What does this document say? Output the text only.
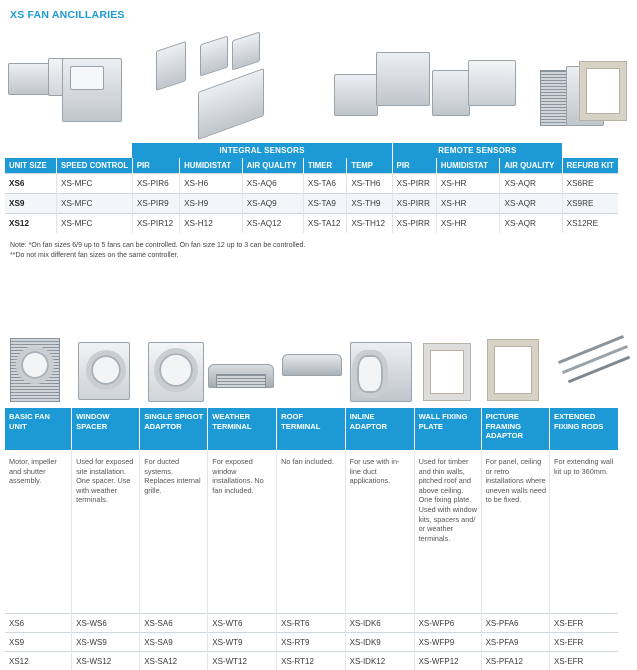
XS FAN ANCILLARIES
		INTEGRAL SENSORS					REMOTE SENSORS			
UNIT SIZE	SPEED CONTROL	PIR	HUMIDISTAT	AIR QUALITY	TIMER	TEMP	PIR	HUMIDISTAT	AIR QUALITY	REFURB KIT
XS6	XS-MFC	XS-PIR6	XS-H6	XS-AQ6	XS-TA6	XS-TH6	XS-PIRR	XS-HR	XS-AQR	XS6RE
XS9	XS-MFC	XS-PIR9	XS-H9	XS-AQ9	XS-TA9	XS-TH9	XS-PIRR	XS-HR	XS-AQR	XS9RE
XS12	XS-MFC	XS-PIR12	XS-H12	XS-AQ12	XS-TA12	XS-TH12	XS-PIRR	XS-HR	XS-AQR	XS12RE
Note: *On fan sizes 6/9 up to 5 fans can be controlled. On fan size 12 up to 3 can be controlled.
**Do not mix different fan sizes on the same controller.
BASIC FAN UNIT	WINDOW SPACER	SINGLE SPIGOT ADAPTOR	WEATHER TERMINAL	ROOF TERMINAL	INLINE ADAPTOR	WALL FIXING PLATE	PICTURE FRAMING ADAPTOR	EXTENDED FIXING RODS
Motor, impeller and shutter assembly.	Used for exposed site installation. One spacer. Use with weather terminals.	For ducted systems. Replaces internal grille.	For exposed window installations. No fan included.	No fan included.	For use with in-line duct applications.	Used for timber and thin walls, pitched roof and above ceiling. One fixing plate. Used with window kits, spacers and/ or weather terminals.	For panel, ceiling or retro installations where uneven walls need to be fixed.	For extending wall kit up to 360mm.
XS6	XS-WS6	XS-SA6	XS-WT6	XS-RT6	XS-IDK6	XS-WFP6	XS-PFA6	XS-EFR
XS9	XS-WS9	XS-SA9	XS-WT9	XS-RT9	XS-IDK9	XS-WFP9	XS-PFA9	XS-EFR
XS12	XS-WS12	XS-SA12	XS-WT12	XS-RT12	XS-IDK12	XS-WFP12	XS-PFA12	XS-EFR
